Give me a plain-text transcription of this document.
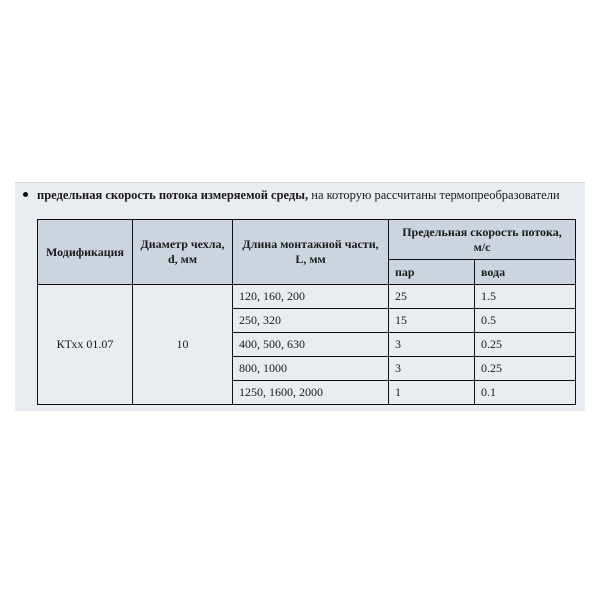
предельная скорость потока измеряемой среды, на которую рассчитаны термопреобразователи
Модификация	Диаметр чехла, d, мм	Длина монтажной части, L, мм	Предельная скорость потока, м/с	
			пар	вода
КТхх 01.07	10	120, 160, 200	25	1.5
		250, 320	15	0.5
		400, 500, 630	3	0.25
		800, 1000	3	0.25
		1250, 1600, 2000	1	0.1
